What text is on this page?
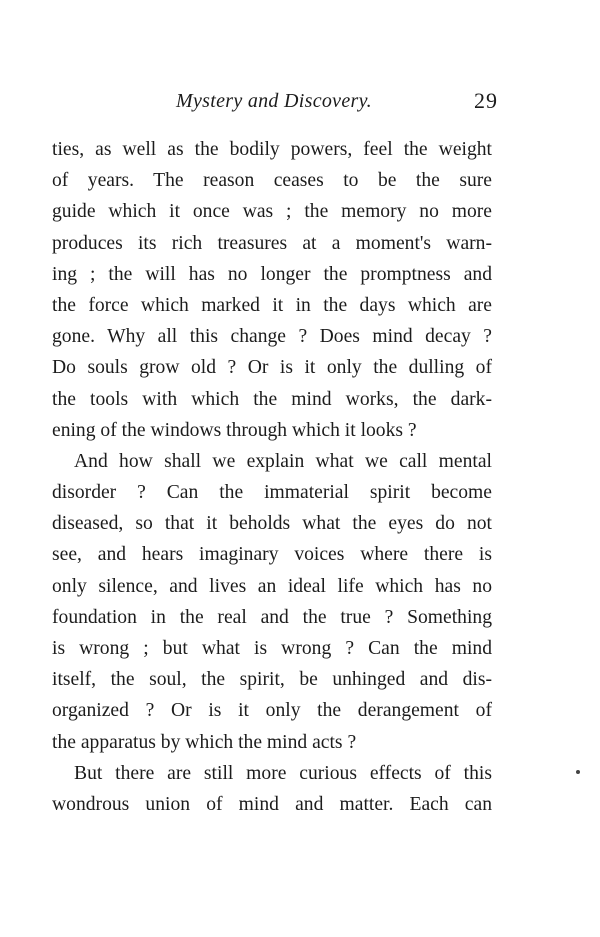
Mystery and Discovery.	29
ties, as well as the bodily powers, feel the weight
of years. The reason ceases to be the sure
guide which it once was ; the memory no more
produces its rich treasures at a moment's warn-
ing ; the will has no longer the promptness and
the force which marked it in the days which are
gone. Why all this change ? Does mind decay ?
Do souls grow old ? Or is it only the dulling of
the tools with which the mind works, the dark-
ening of the windows through which it looks ?
And how shall we explain what we call mental
disorder ? Can the immaterial spirit become
diseased, so that it beholds what the eyes do not
see, and hears imaginary voices where there is
only silence, and lives an ideal life which has no
foundation in the real and the true ? Something
is wrong ; but what is wrong ? Can the mind
itself, the soul, the spirit, be unhinged and dis-
organized ? Or is it only the derangement of
the apparatus by which the mind acts ?
But there are still more curious effects of this
wondrous union of mind and matter. Each can
